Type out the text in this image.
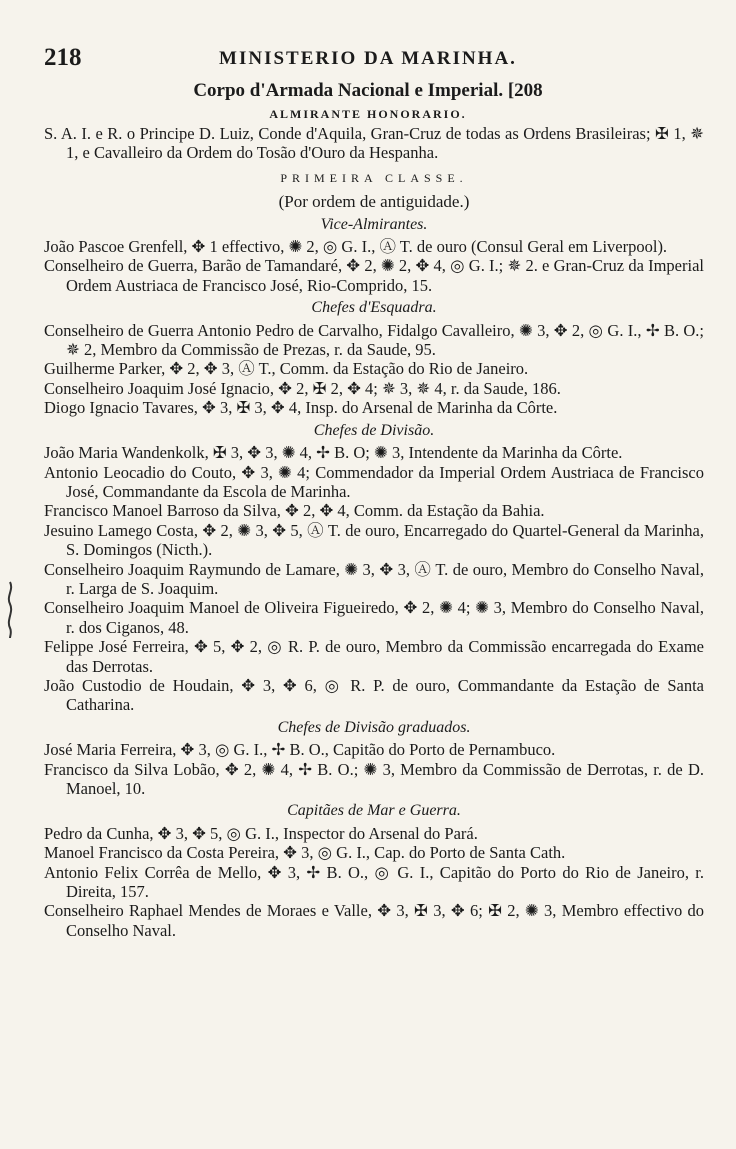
218	MINISTERIO DA MARINHA.
Corpo d'Armada Nacional e Imperial. [208
ALMIRANTE HONORARIO.

S. A. I. e R. o Principe D. Luiz, Conde d'Aquila, Gran-Cruz de todas as Ordens Brasileiras; ✠ 1, ✵ 1, e Cavalleiro da Ordem do Tosão d'Ouro da Hespanha.

PRIMEIRA CLASSE.
(Por ordem de antiguidade.)
Vice-Almirantes.

João Pascoe Grenfell, ✥ 1 effectivo, ✺ 2, ◎ G. I., Ⓐ T. de ouro (Consul Geral em Liverpool).

Conselheiro de Guerra, Barão de Tamandaré, ✥ 2, ✺ 2, ✥ 4, ◎ G. I.; ✵ 2. e Gran-Cruz da Imperial Ordem Austriaca de Francisco José, Rio-Comprido, 15.

Chefes d'Esquadra.

Conselheiro de Guerra Antonio Pedro de Carvalho, Fidalgo Cavalleiro, ✺ 3, ✥ 2, ◎ G. I., ✢ B. O.; ✵ 2, Membro da Commissão de Prezas, r. da Saude, 95.

Guilherme Parker, ✥ 2, ✥ 3, Ⓐ T., Comm. da Estação do Rio de Janeiro.

Conselheiro Joaquim José Ignacio, ✥ 2, ✠ 2, ✥ 4; ✵ 3, ✵ 4, r. da Saude, 186.

Diogo Ignacio Tavares, ✥ 3, ✠ 3, ✥ 4, Insp. do Arsenal de Marinha da Côrte.

Chefes de Divisão.

João Maria Wandenkolk, ✠ 3, ✥ 3, ✺ 4, ✢ B. O; ✺ 3, Intendente da Marinha da Côrte.

Antonio Leocadio do Couto, ✥ 3, ✺ 4; Commendador da Imperial Ordem Austriaca de Francisco José, Commandante da Escola de Marinha.

Francisco Manoel Barroso da Silva, ✥ 2, ✥ 4, Comm. da Estação da Bahia.

Jesuino Lamego Costa, ✥ 2, ✺ 3, ✥ 5, Ⓐ T. de ouro, Encarregado do Quartel-General da Marinha, S. Domingos (Nicth.).

Conselheiro Joaquim Raymundo de Lamare, ✺ 3, ✥ 3, Ⓐ T. de ouro, Membro do Conselho Naval, r. Larga de S. Joaquim.

Conselheiro Joaquim Manoel de Oliveira Figueiredo, ✥ 2, ✺ 4; ✺ 3, Membro do Conselho Naval, r. dos Ciganos, 48.

Felippe José Ferreira, ✥ 5, ✥ 2, ◎ R. P. de ouro, Membro da Commissão encarregada do Exame das Derrotas.

João Custodio de Houdain, ✥ 3, ✥ 6, ◎ R. P. de ouro, Commandante da Estação de Santa Catharina.

Chefes de Divisão graduados.

José Maria Ferreira, ✥ 3, ◎ G. I., ✢ B. O., Capitão do Porto de Pernambuco.

Francisco da Silva Lobão, ✥ 2, ✺ 4, ✢ B. O.; ✺ 3, Membro da Commissão de Derrotas, r. de D. Manoel, 10.

Capitães de Mar e Guerra.

Pedro da Cunha, ✥ 3, ✥ 5, ◎ G. I., Inspector do Arsenal do Pará.

Manoel Francisco da Costa Pereira, ✥ 3, ◎ G. I., Cap. do Porto de Santa Cath.

Antonio Felix Corrêa de Mello, ✥ 3, ✢ B. O., ◎ G. I., Capitão do Porto do Rio de Janeiro, r. Direita, 157.

Conselheiro Raphael Mendes de Moraes e Valle, ✥ 3, ✠ 3, ✥ 6; ✠ 2, ✺ 3, Membro effectivo do Conselho Naval.
